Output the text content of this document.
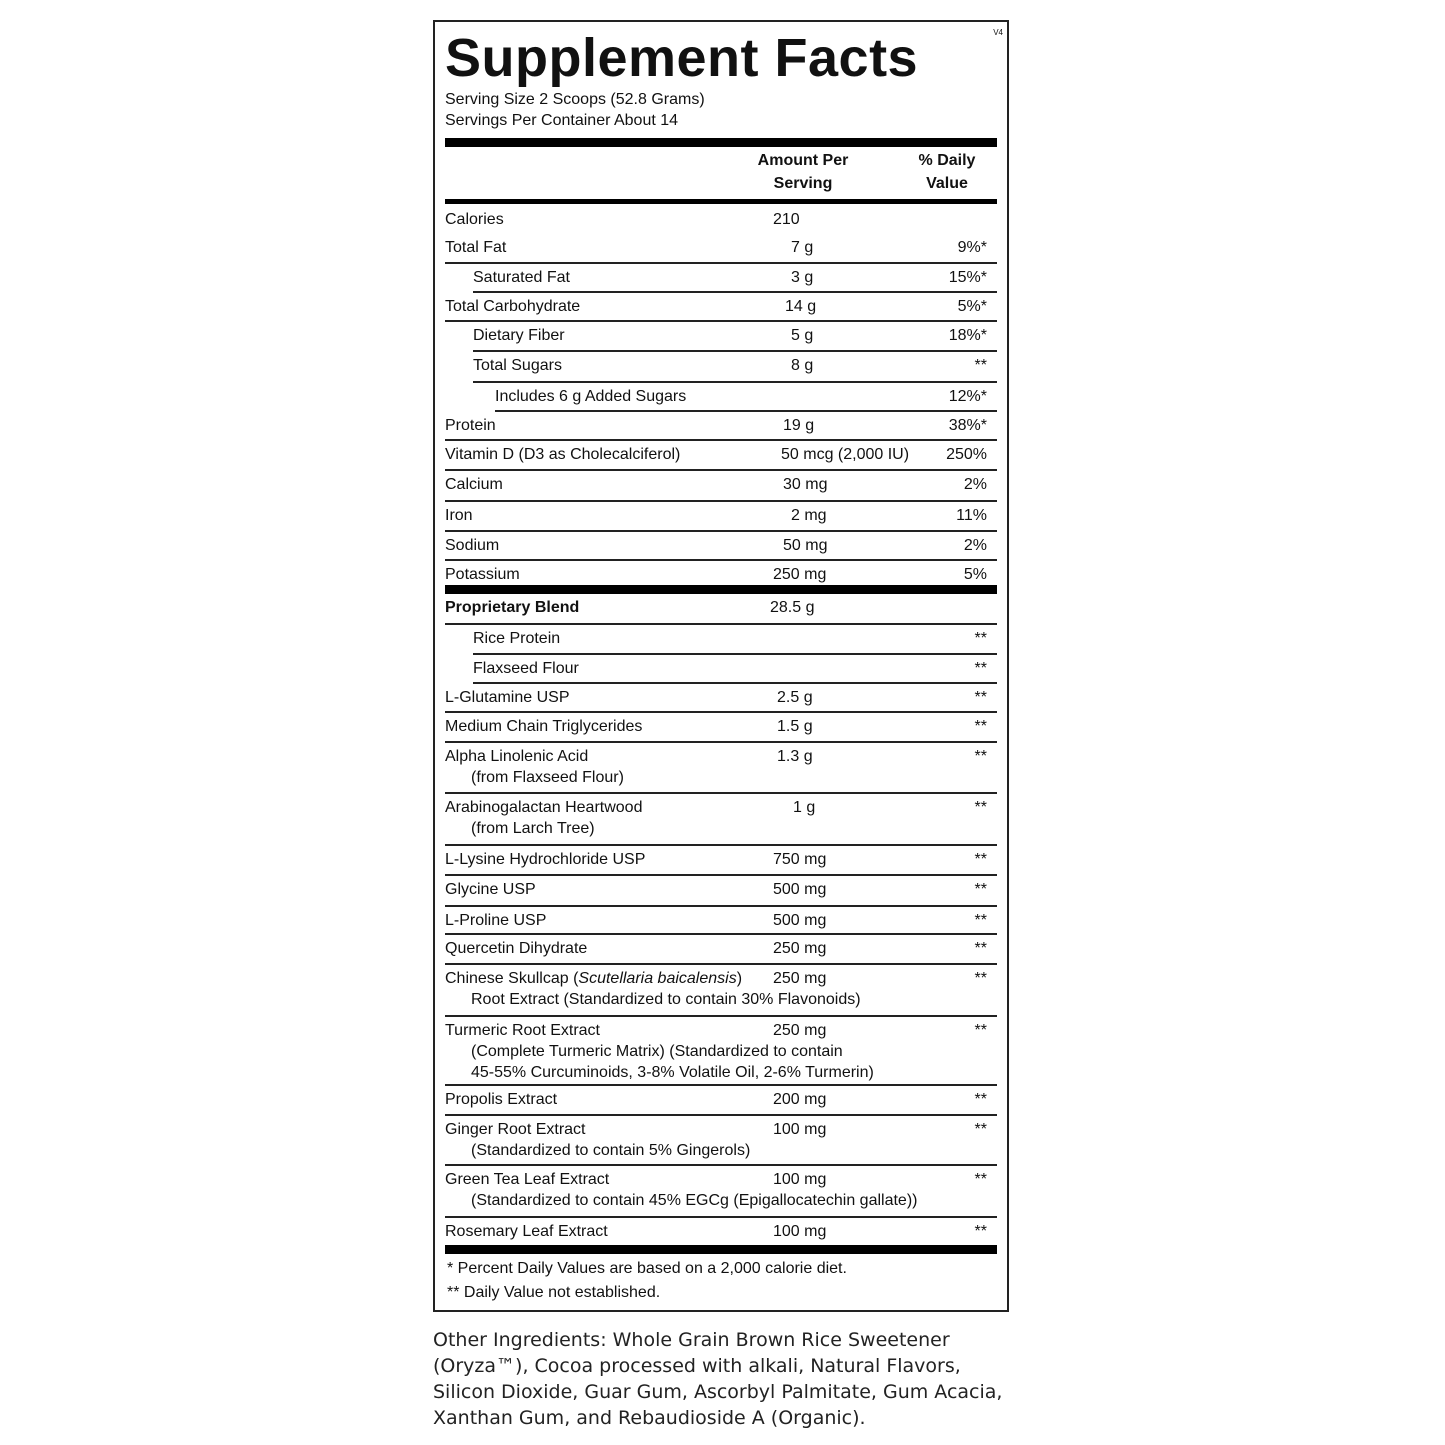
Supplement Facts	V4
Serving Size 2 Scoops (52.8 Grams)
Servings Per Container About 14
Amount Per Serving
% Daily Value
Calories	210
Total Fat	7 g	9%*
Saturated Fat	3 g	15%*
Total Carbohydrate	14 g	5%*
Dietary Fiber	5 g	18%*
Total Sugars	8 g	**
Includes 6 g Added Sugars	12%*
Protein	19 g	38%*
Vitamin D (D3 as Cholecalciferol)	50 mcg (2,000 IU) 250%
Calcium	30 mg	2%
Iron	2 mg	11%
Sodium	50 mg	2%
Potassium	250 mg	5%
Proprietary Blend	28.5 g
Rice Protein	**
Flaxseed Flour	**
L-Glutamine USP	2.5 g	**
Medium Chain Triglycerides	1.5 g	**
Alpha Linolenic Acid
(from Flaxseed Flour)
1.3 g	**
Arabinogalactan Heartwood
(from Larch Tree)
1 g	**
L-Lysine Hydrochloride USP	750 mg	**
Glycine USP	500 mg	**
L-Proline USP	500 mg	**
Quercetin Dihydrate	250 mg	**
Chinese Skullcap (Scutellaria baicalensis)
Root Extract (Standardized to contain 30% Flavonoids)
250 mg	**
Turmeric Root Extract
(Complete Turmeric Matrix) (Standardized to contain
45-55% Curcuminoids, 3-8% Volatile Oil, 2-6% Turmerin)
250 mg	**
Propolis Extract	200 mg	**
Ginger Root Extract
(Standardized to contain 5% Gingerols)
100 mg	**
Green Tea Leaf Extract
(Standardized to contain 45% EGCg (Epigallocatechin gallate))
100 mg	**
Rosemary Leaf Extract	100 mg	**
* Percent Daily Values are based on a 2,000 calorie diet.
** Daily Value not established.
Other Ingredients: Whole Grain Brown Rice Sweetener
(Oryza™), Cocoa processed with alkali, Natural Flavors,
Silicon Dioxide, Guar Gum, Ascorbyl Palmitate, Gum Acacia,
Xanthan Gum, and Rebaudioside A (Organic).
